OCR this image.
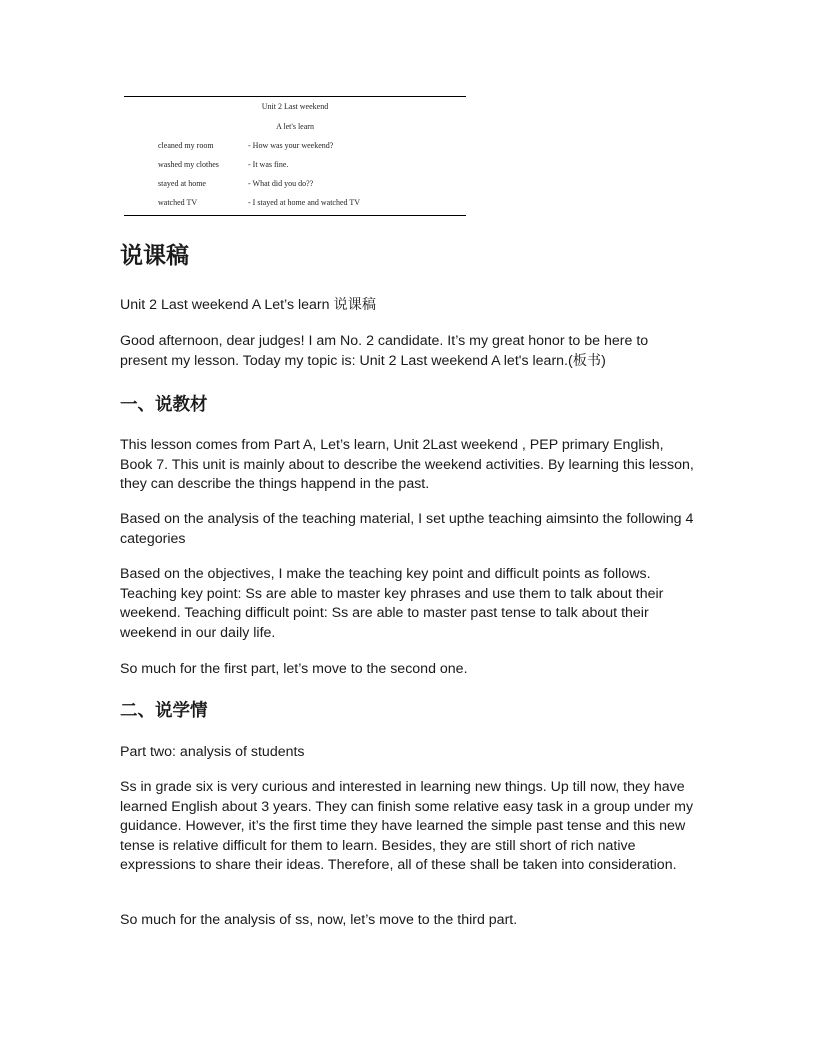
Unit 2 Last weekend
A let's learn
cleaned my room	- How was your weekend?
washed my clothes	- It was fine.
stayed at home	- What did you do??
watched TV	- I stayed at home and watched TV
说课稿

Unit 2 Last weekend A Let’s learn 说课稿

Good afternoon, dear judges! I am No. 2 candidate. It’s my great honor to be here to present my lesson. Today my topic is: Unit 2 Last weekend A let's learn.(板书)

一、说教材

This lesson comes from Part A, Let’s learn, Unit 2Last weekend , PEP primary English, Book 7. This unit is mainly about to describe the weekend activities. By learning this lesson, they can describe the things happend in the past.

Based on the analysis of the teaching material, I set upthe teaching aimsinto the following 4 categories

Based on the objectives, I make the teaching key point and difficult points as follows. Teaching key point: Ss are able to master key phrases and use them to talk about their weekend. Teaching difficult point: Ss are able to master past tense to talk about their weekend in our daily life.

So much for the first part, let’s move to the second one.

二、说学情

Part two: analysis of students

Ss in grade six is very curious and interested in learning new things. Up till now, they have learned English about 3 years. They can finish some relative easy task in a group under my guidance. However, it’s the first time they have learned the simple past tense and this new tense is relative difficult for them to learn. Besides, they are still short of rich native expressions to share their ideas. Therefore, all of these shall be taken into consideration.

So much for the analysis of ss, now, let’s move to the third part.
